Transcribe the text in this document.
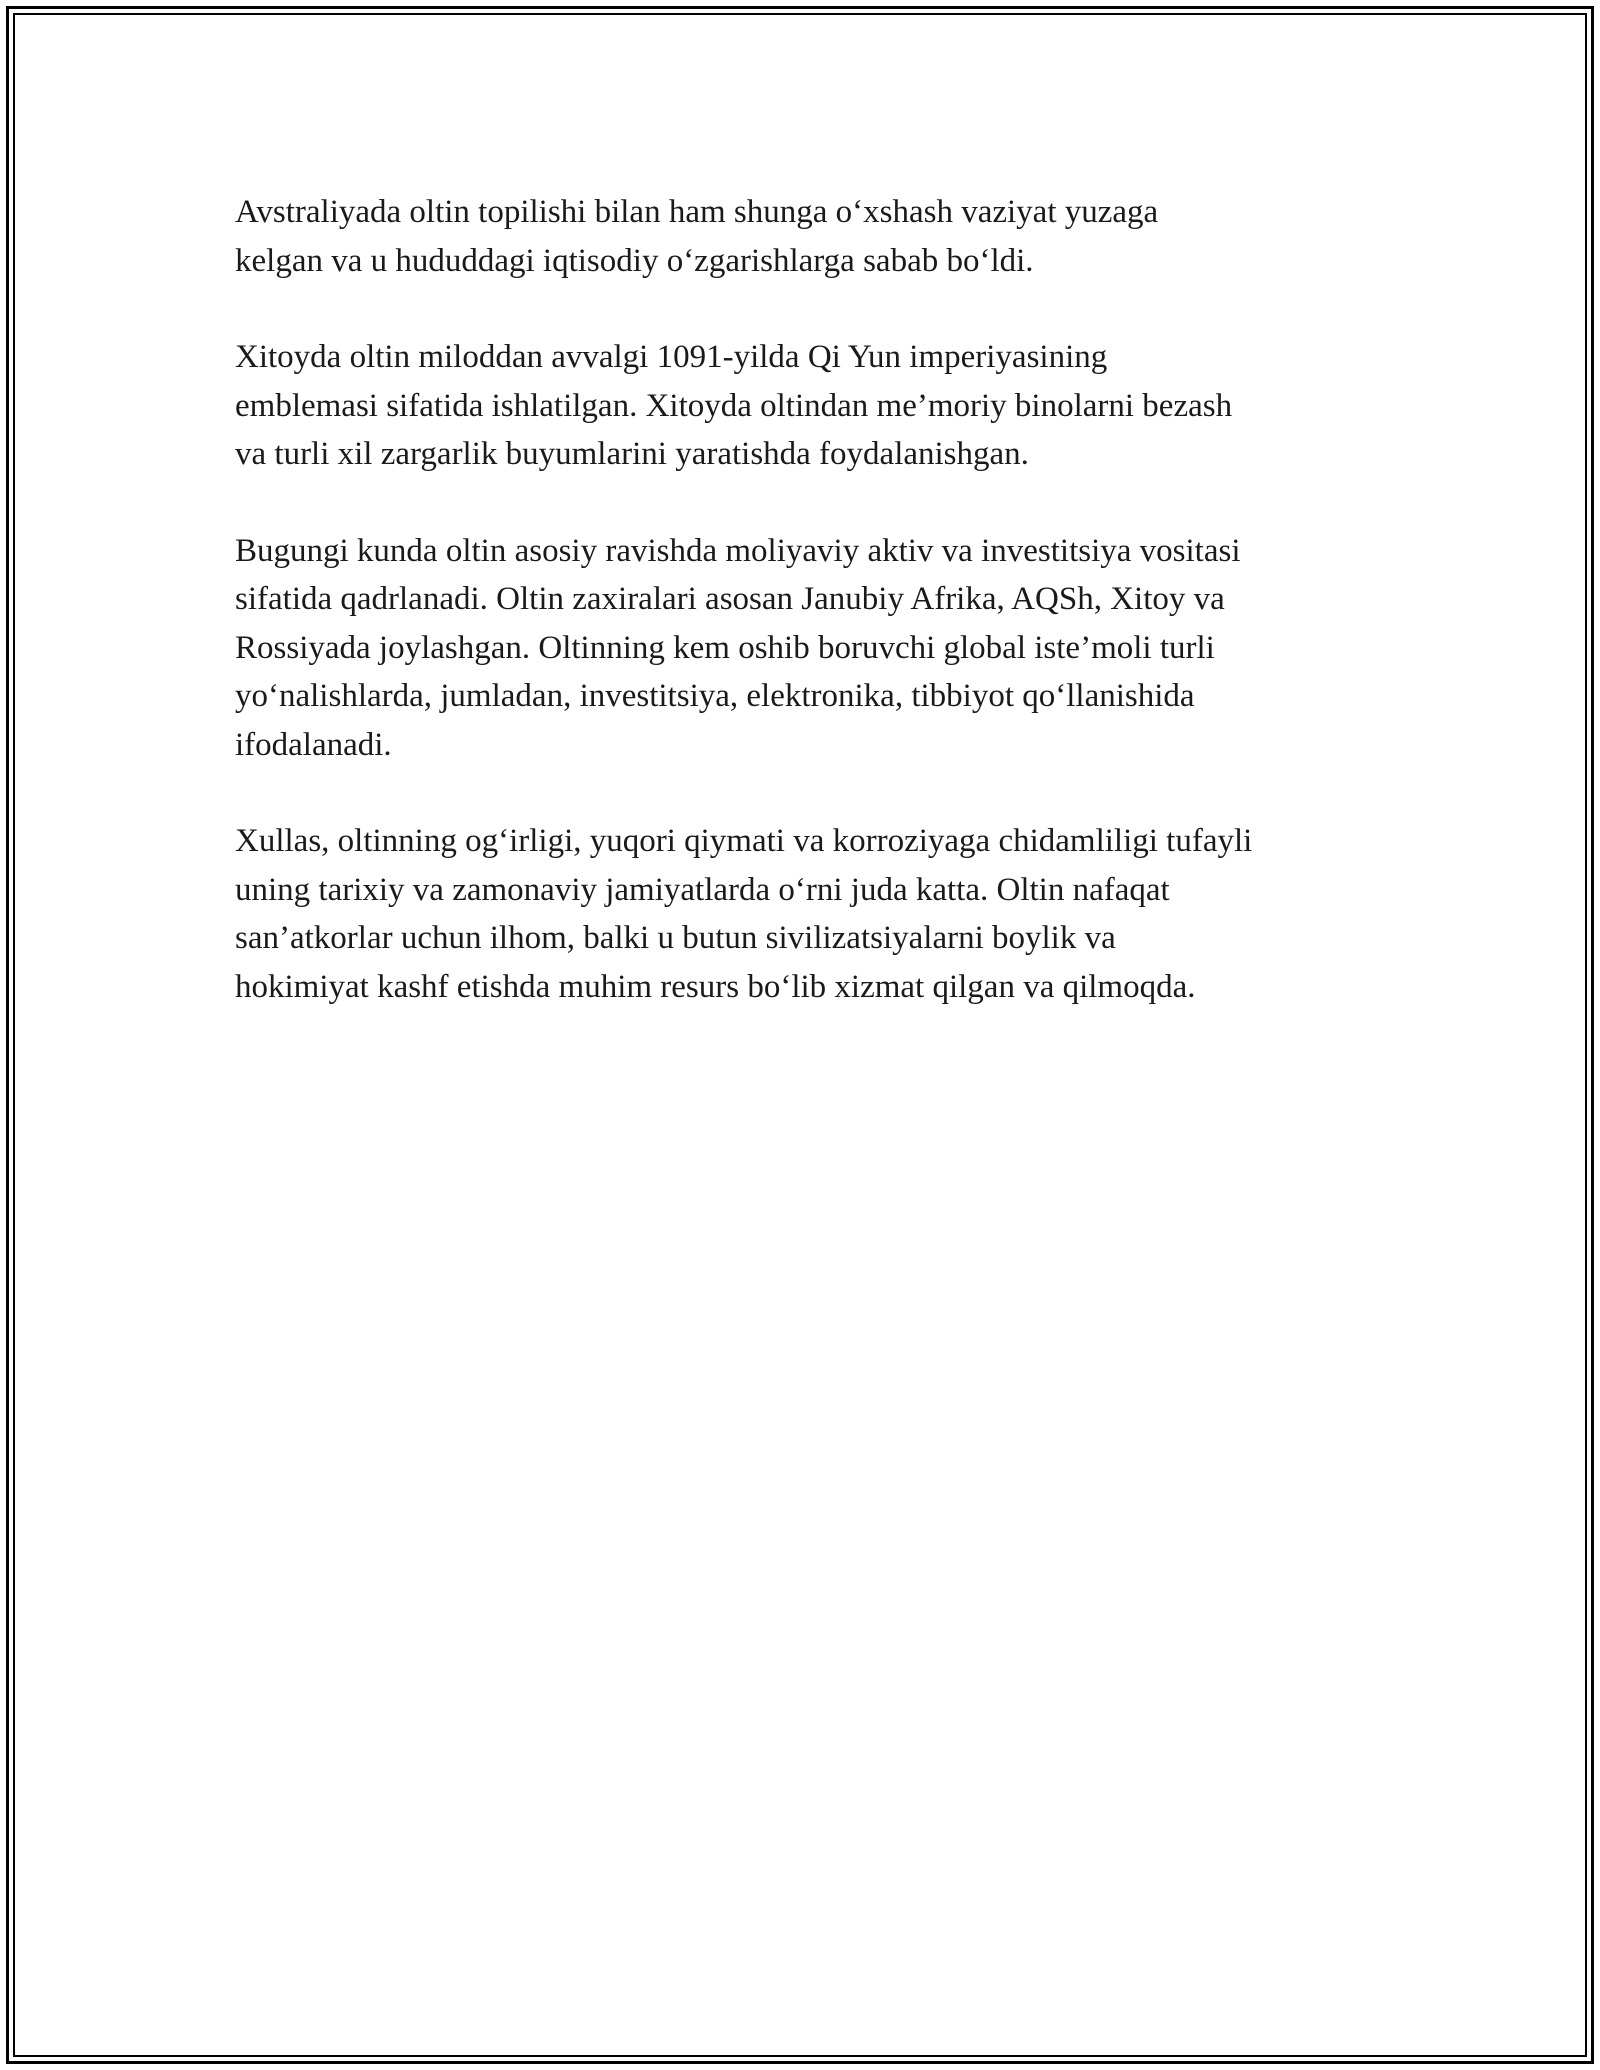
Avstraliyada oltin topilishi bilan ham shunga o‘xshash vaziyat yuzaga
kelgan va u hududdagi iqtisodiy o‘zgarishlarga sabab bo‘ldi.

Xitoyda oltin miloddan avvalgi 1091-yilda Qi Yun imperiyasining
emblemasi sifatida ishlatilgan. Xitoyda oltindan me’moriy binolarni bezash
va turli xil zargarlik buyumlarini yaratishda foydalanishgan.

Bugungi kunda oltin asosiy ravishda moliyaviy aktiv va investitsiya vositasi
sifatida qadrlanadi. Oltin zaxiralari asosan Janubiy Afrika, AQSh, Xitoy va
Rossiyada joylashgan. Oltinning kem oshib boruvchi global iste’moli turli
yo‘nalishlarda, jumladan, investitsiya, elektronika, tibbiyot qo‘llanishida
ifodalanadi.

Xullas, oltinning og‘irligi, yuqori qiymati va korroziyaga chidamliligi tufayli
uning tarixiy va zamonaviy jamiyatlarda o‘rni juda katta. Oltin nafaqat
san’atkorlar uchun ilhom, balki u butun sivilizatsiyalarni boylik va
hokimiyat kashf etishda muhim resurs bo‘lib xizmat qilgan va qilmoqda.
